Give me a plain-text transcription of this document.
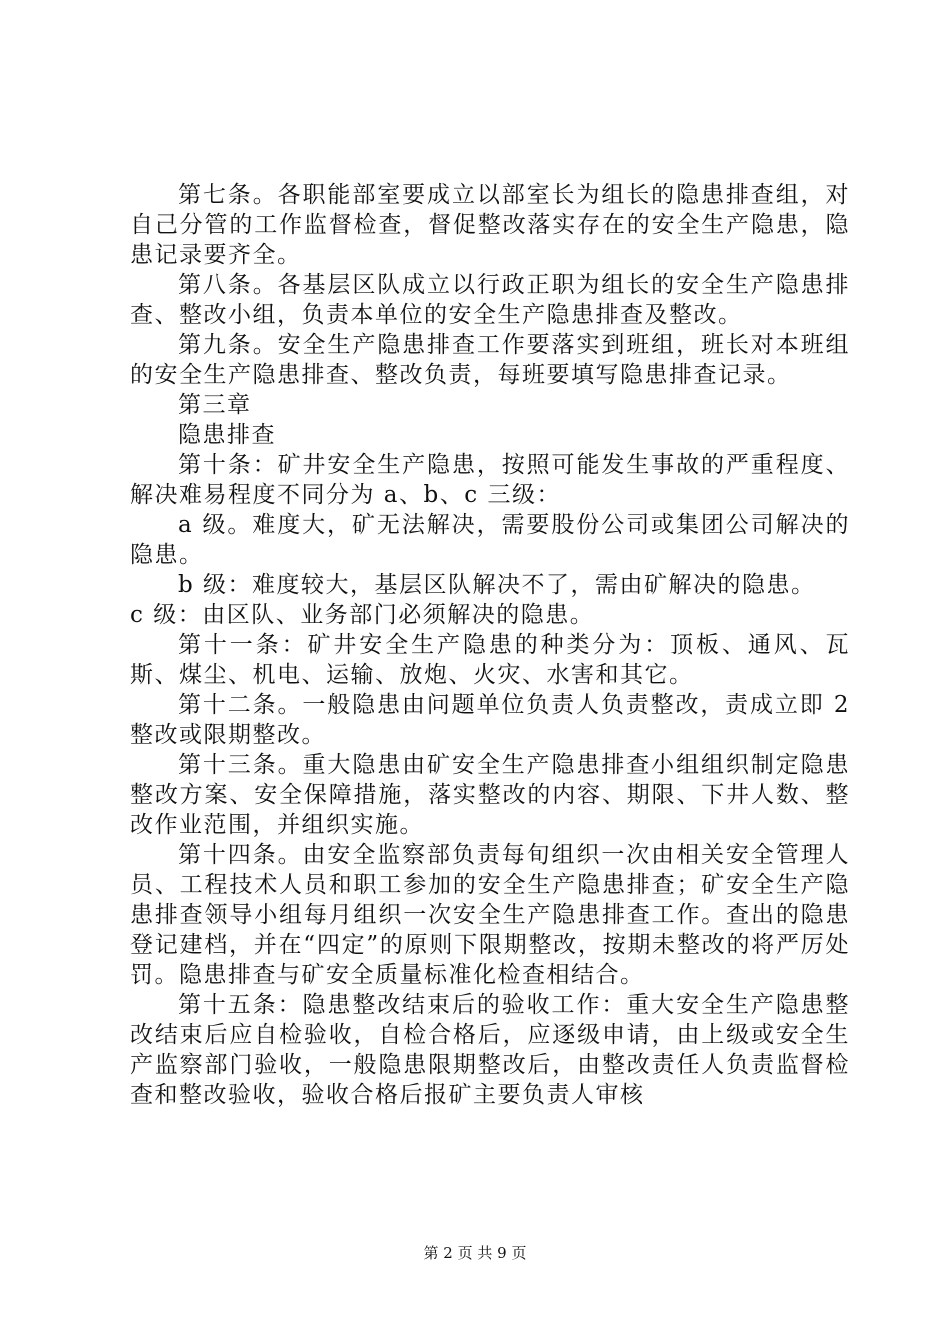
第七条。各职能部室要成立以部室长为组长的隐患排查组，对自己分管的工作监督检查，督促整改落实存在的安全生产隐患，隐患记录要齐全。

第八条。各基层区队成立以行政正职为组长的安全生产隐患排查、整改小组，负责本单位的安全生产隐患排查及整改。

第九条。安全生产隐患排查工作要落实到班组，班长对本班组的安全生产隐患排查、整改负责，每班要填写隐患排查记录。

第三章

隐患排查

第十条：矿井安全生产隐患，按照可能发生事故的严重程度、解决难易程度不同分为 a、b、c 三级：

a 级。难度大，矿无法解决，需要股份公司或集团公司解决的隐患。

b 级：难度较大，基层区队解决不了，需由矿解决的隐患。

c 级：由区队、业务部门必须解决的隐患。

第十一条：矿井安全生产隐患的种类分为：顶板、通风、瓦斯、煤尘、机电、运输、放炮、火灾、水害和其它。

第十二条。一般隐患由问题单位负责人负责整改，责成立即 2 整改或限期整改。

第十三条。重大隐患由矿安全生产隐患排查小组组织制定隐患整改方案、安全保障措施，落实整改的内容、期限、下井人数、整改作业范围，并组织实施。

第十四条。由安全监察部负责每旬组织一次由相关安全管理人员、工程技术人员和职工参加的安全生产隐患排查；矿安全生产隐患排查领导小组每月组织一次安全生产隐患排查工作。查出的隐患登记建档，并在“四定”的原则下限期整改，按期未整改的将严厉处罚。隐患排查与矿安全质量标准化检查相结合。

第十五条：隐患整改结束后的验收工作：重大安全生产隐患整改结束后应自检验收，自检合格后，应逐级申请，由上级或安全生产监察部门验收，一般隐患限期整改后，由整改责任人负责监督检查和整改验收，验收合格后报矿主要负责人审核

第 2 页 共 9 页
